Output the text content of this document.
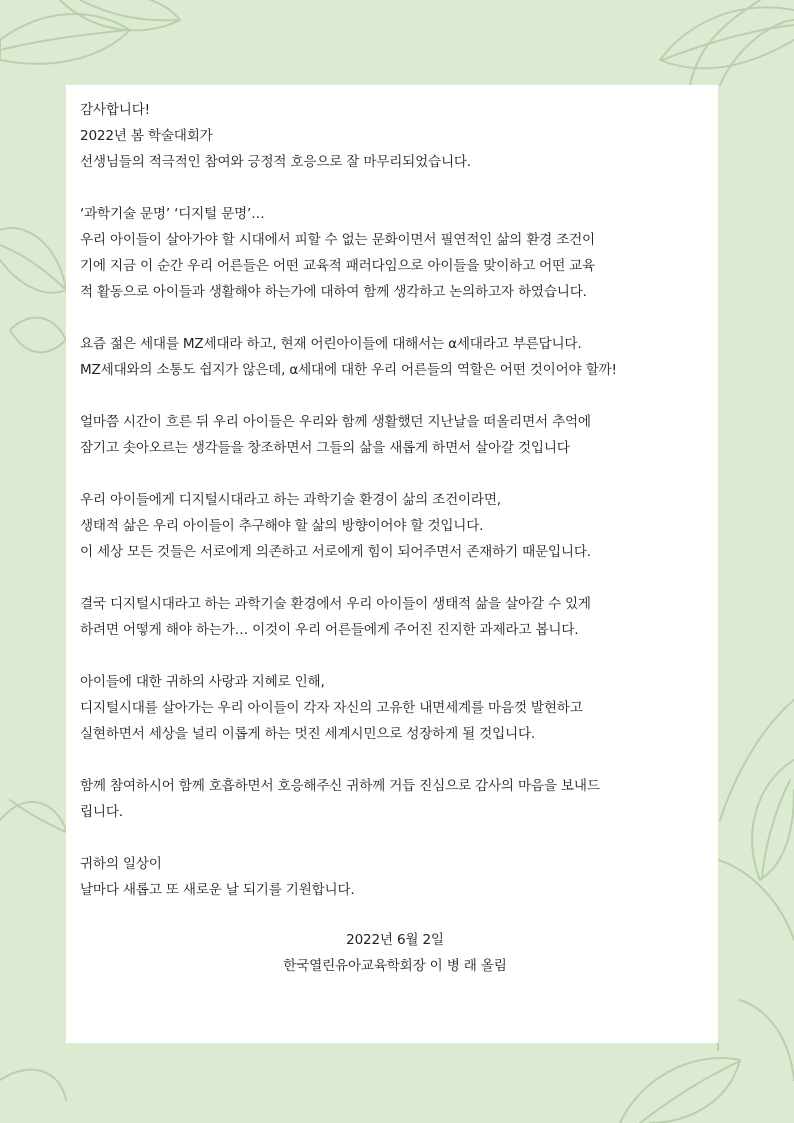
감사합니다!
2022년 봄 학술대회가
선생님들의 적극적인 참여와 긍정적 호응으로 잘 마무리되었습니다.

‘과학기술 문명’ ‘디지털 문명’…
우리 아이들이 살아가야 할 시대에서 피할 수 없는 문화이면서 필연적인 삶의 환경 조건이
기에 지금 이 순간 우리 어른들은 어떤 교육적 패러다임으로 아이들을 맞이하고 어떤 교육
적 활동으로 아이들과 생활해야 하는가에 대하여 함께 생각하고 논의하고자 하였습니다.

요즘 젊은 세대를 MZ세대라 하고, 현재 어린아이들에 대해서는 α세대라고 부른답니다.
MZ세대와의 소통도 쉽지가 않은데, α세대에 대한 우리 어른들의 역할은 어떤 것이어야 할까!

얼마쯤 시간이 흐른 뒤 우리 아이들은 우리와 함께 생활했던 지난날을 떠올리면서 추억에
잠기고 솟아오르는 생각들을 창조하면서 그들의 삶을 새롭게 하면서 살아갈 것입니다

우리 아이들에게 디지털시대라고 하는 과학기술 환경이 삶의 조건이라면,
생태적 삶은 우리 아이들이 추구해야 할 삶의 방향이어야 할 것입니다.
이 세상 모든 것들은 서로에게 의존하고 서로에게 힘이 되어주면서 존재하기 때문입니다.

결국 디지털시대라고 하는 과학기술 환경에서 우리 아이들이 생태적 삶을 살아갈 수 있게
하려면 어떻게 해야 하는가… 이것이 우리 어른들에게 주어진 진지한 과제라고 봅니다.

아이들에 대한 귀하의 사랑과 지혜로 인해,
디지털시대를 살아가는 우리 아이들이 각자 자신의 고유한 내면세계를 마음껏 발현하고
실현하면서 세상을 널리 이롭게 하는 멋진 세계시민으로 성장하게 될 것입니다.

함께 참여하시어 함께 호흡하면서 호응해주신 귀하께 거듭 진심으로 감사의 마음을 보내드
립니다.

귀하의 일상이
날마다 새롭고 또 새로운 날 되기를 기원합니다.

2022년 6월 2일
한국열린유아교육학회장 이 병 래 올림
